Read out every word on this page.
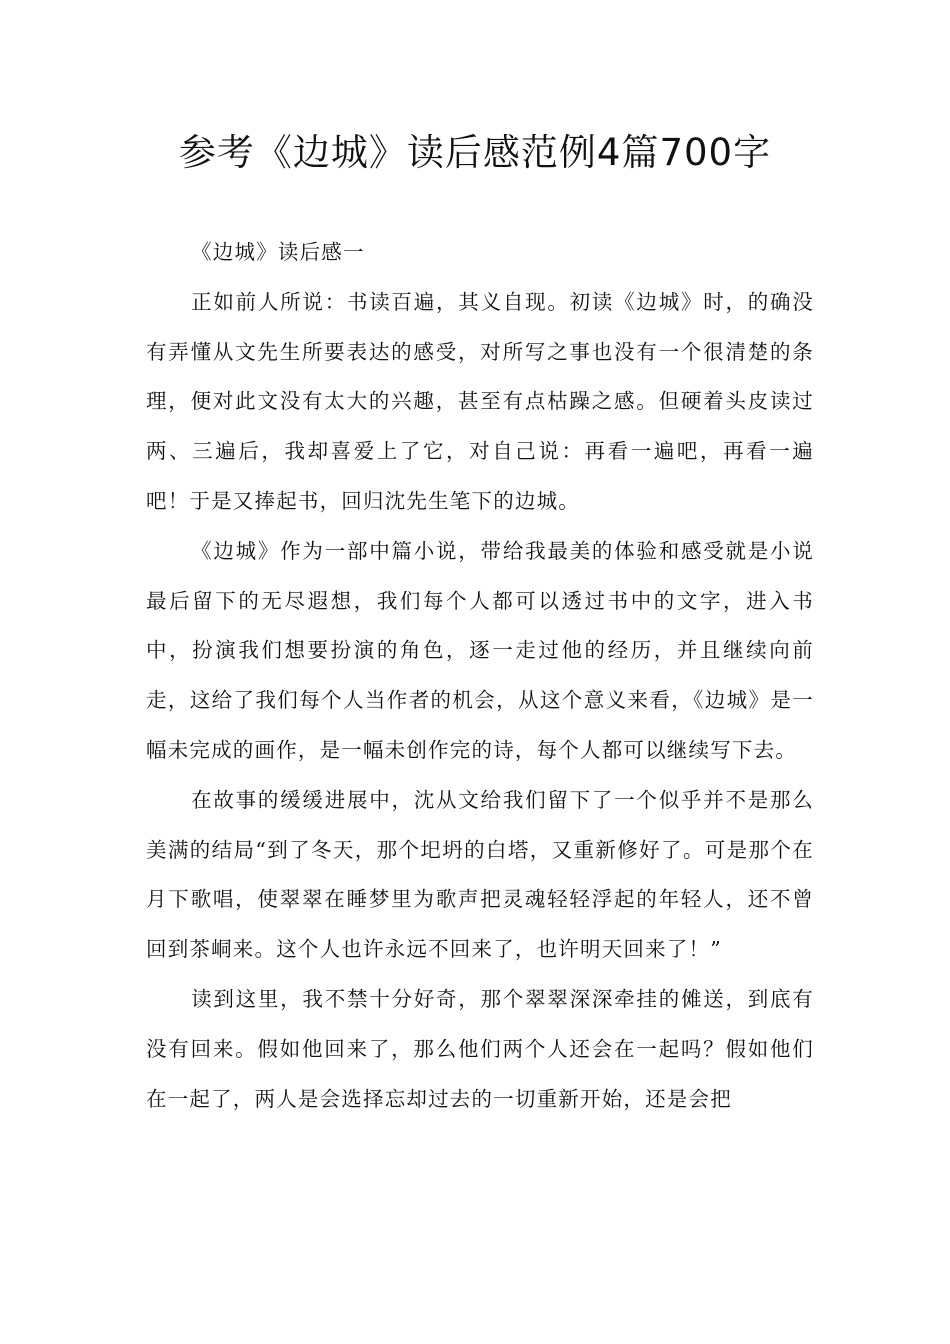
参考《边城》读后感范例4篇700字

《边城》读后感一

正如前人所说：书读百遍，其义自现。初读《边城》时，的确没有弄懂从文先生所要表达的感受，对所写之事也没有一个很清楚的条理，便对此文没有太大的兴趣，甚至有点枯躁之感。但硬着头皮读过两、三遍后，我却喜爱上了它，对自己说：再看一遍吧，再看一遍吧！于是又捧起书，回归沈先生笔下的边城。

《边城》作为一部中篇小说，带给我最美的体验和感受就是小说最后留下的无尽遐想，我们每个人都可以透过书中的文字，进入书中，扮演我们想要扮演的角色，逐一走过他的经历，并且继续向前走，这给了我们每个人当作者的机会，从这个意义来看，《边城》是一幅未完成的画作，是一幅未创作完的诗，每个人都可以继续写下去。

在故事的缓缓进展中，沈从文给我们留下了一个似乎并不是那么美满的结局“到了冬天，那个圯坍的白塔，又重新修好了。可是那个在月下歌唱，使翠翠在睡梦里为歌声把灵魂轻轻浮起的年轻人，还不曾回到茶峒来。这个人也许永远不回来了，也许明天回来了！”

读到这里，我不禁十分好奇，那个翠翠深深牵挂的傩送，到底有没有回来。假如他回来了，那么他们两个人还会在一起吗？假如他们在一起了，两人是会选择忘却过去的一切重新开始，还是会把
